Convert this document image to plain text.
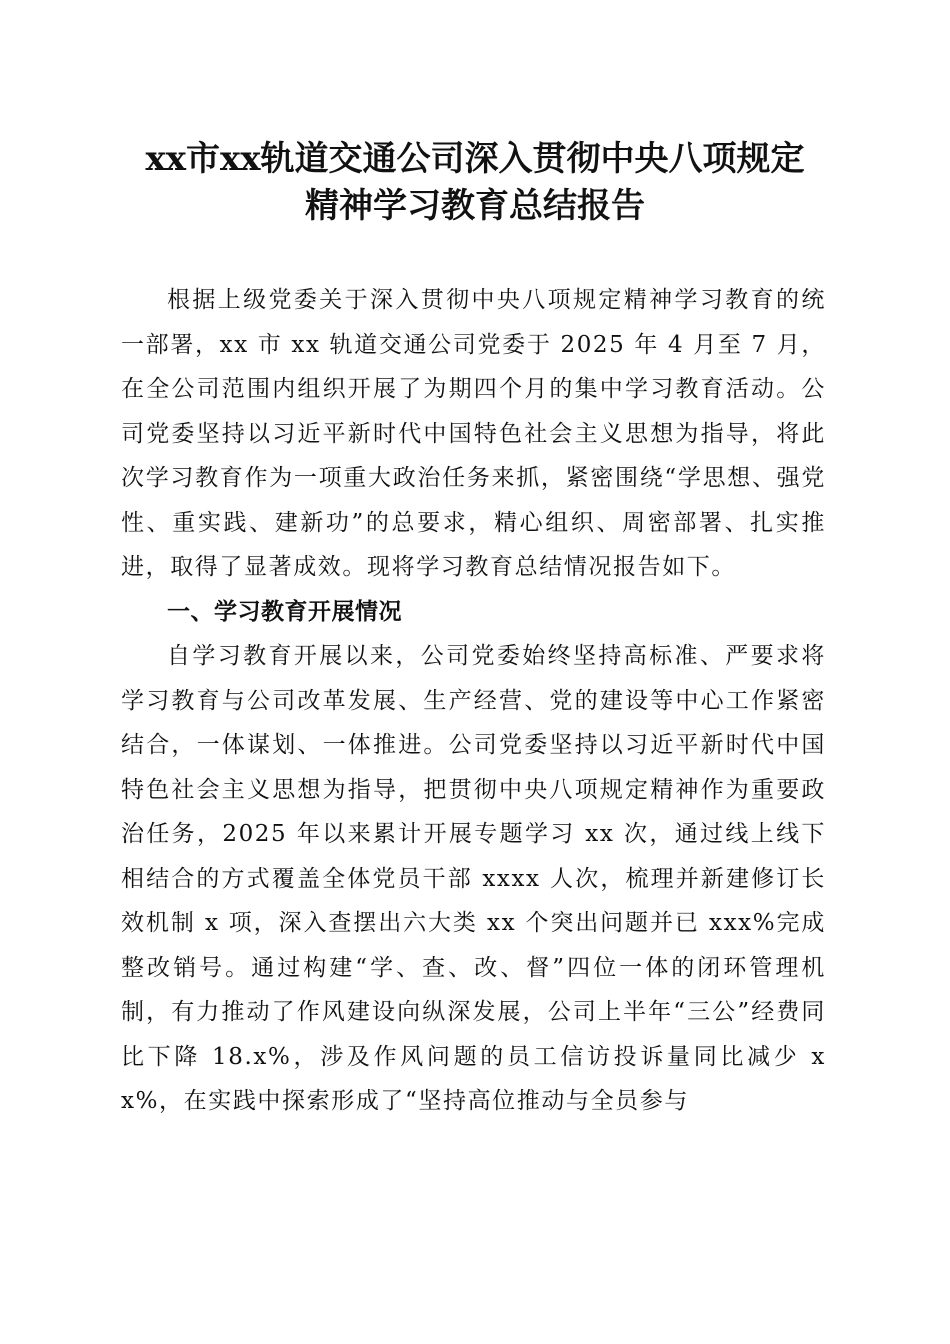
xx市xx轨道交通公司深入贯彻中央八项规定
精神学习教育总结报告

根据上级党委关于深入贯彻中央八项规定精神学习教育的统一部署，xx 市 xx 轨道交通公司党委于 2025 年 4 月至 7 月，在全公司范围内组织开展了为期四个月的集中学习教育活动。公司党委坚持以习近平新时代中国特色社会主义思想为指导，将此次学习教育作为一项重大政治任务来抓，紧密围绕“学思想、强党性、重实践、建新功”的总要求，精心组织、周密部署、扎实推进，取得了显著成效。现将学习教育总结情况报告如下。

一、学习教育开展情况

自学习教育开展以来，公司党委始终坚持高标准、严要求将学习教育与公司改革发展、生产经营、党的建设等中心工作紧密结合，一体谋划、一体推进。公司党委坚持以习近平新时代中国特色社会主义思想为指导，把贯彻中央八项规定精神作为重要政治任务，2025 年以来累计开展专题学习 xx 次，通过线上线下相结合的方式覆盖全体党员干部 xxxx 人次，梳理并新建修订长效机制 x 项，深入查摆出六大类 xx 个突出问题并已 xxx%完成整改销号。通过构建“学、查、改、督”四位一体的闭环管理机制，有力推动了作风建设向纵深发展，公司上半年“三公”经费同比下降 18.x%，涉及作风问题的员工信访投诉量同比减少 xx%，在实践中探索形成了“坚持高位推动与全员参与
